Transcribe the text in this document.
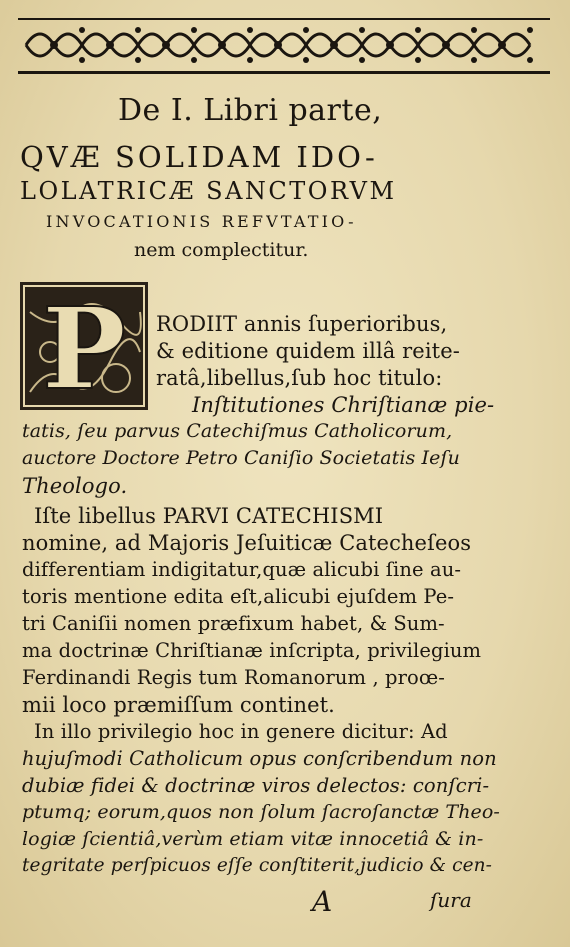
De I. Libri parte,
QVÆ SOLIDAM IDO-
LOLATRICÆ SANCTORVM
INVOCATIONIS REFVTATIO-
nem complectitur.
P RODIIT annis ſuperioribus,
& editione quidem illâ reite-
ratâ,libellus,ſub hoc titulo:
Inſtitutiones Chriſtianæ pie-
tatis, ſeu parvus Catechiſmus Catholicorum,
auctore Doctore Petro Caniſio Societatis Ieſu
Theologo.
Iſte libellus PARVI CATECHISMI
nomine, ad Majoris Jeſuiticæ Catecheſeos
differentiam indigitatur,quæ alicubi ſine au-
toris mentione edita eſt,alicubi ejuſdem Pe-
tri Caniſii nomen præfixum habet, & Sum-
ma doctrinæ Chriſtianæ inſcripta, privilegium
Ferdinandi Regis tum Romanorum , proœ-
mii loco præmiſſum continet.
In illo privilegio hoc in genere dicitur: Ad
hujuſmodi Catholicum opus conſcribendum non
dubiæ fidei & doctrinæ viros delectos: conſcri-
ptumq; eorum,quos non ſolum ſacroſanctæ Theo-
logiæ ſcientiâ,verùm etiam vitæ innocetiâ & in-
tegritate perſpicuos eſſe conſtiterit,judicio & cen-
A	ſura
